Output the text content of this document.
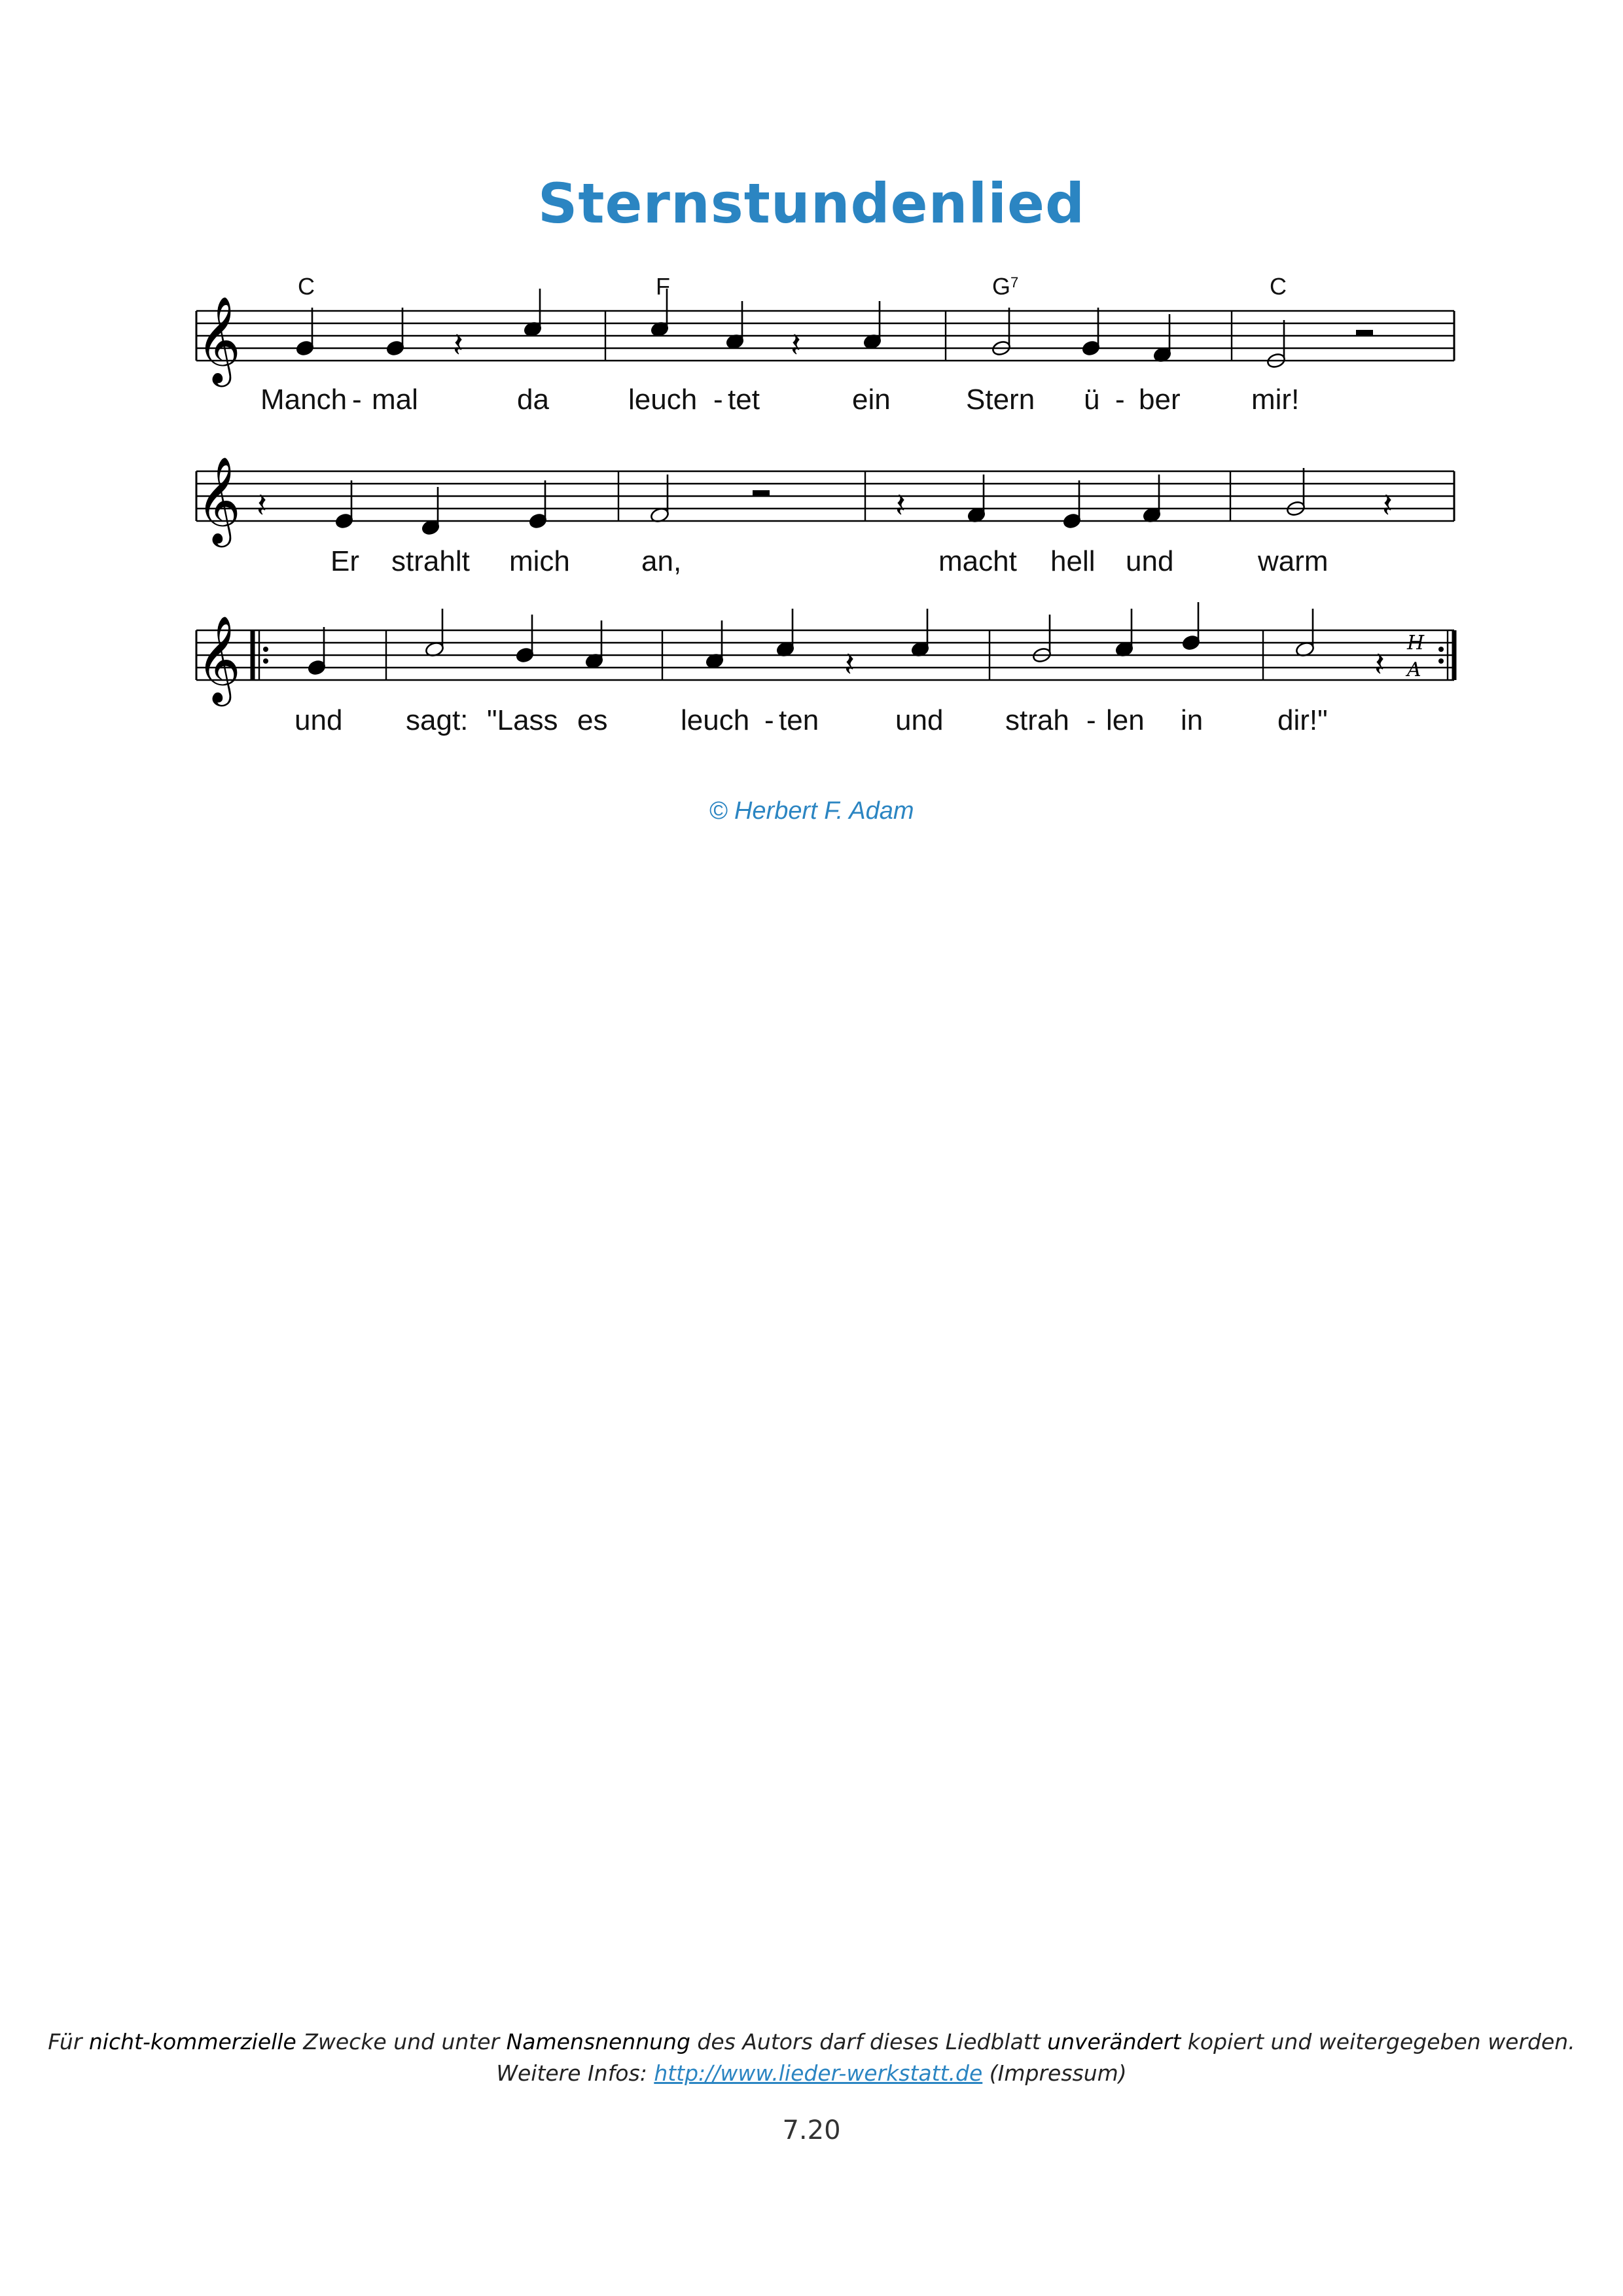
Sternstundenlied
C	F	$G^7$	C
𝄞	𝄽	𝄽
Manch - mal	da	leuch - tet	ein	Stern ü - ber mir!
𝄞 𝄽	𝄽	𝄽
Er strahlt mich an,	macht hell und	warm
𝄞	𝄽	𝄽
H
A
und sagt: "Lass es	leuch - ten	und strah - len in	dir!"
© Herbert F. Adam
Für nicht-kommerzielle Zwecke und unter Namensnennung des Autors darf dieses Liedblatt unverändert kopiert und weitergegeben werden.
Weitere Infos: http://www.lieder-werkstatt.de (Impressum)
7.20
